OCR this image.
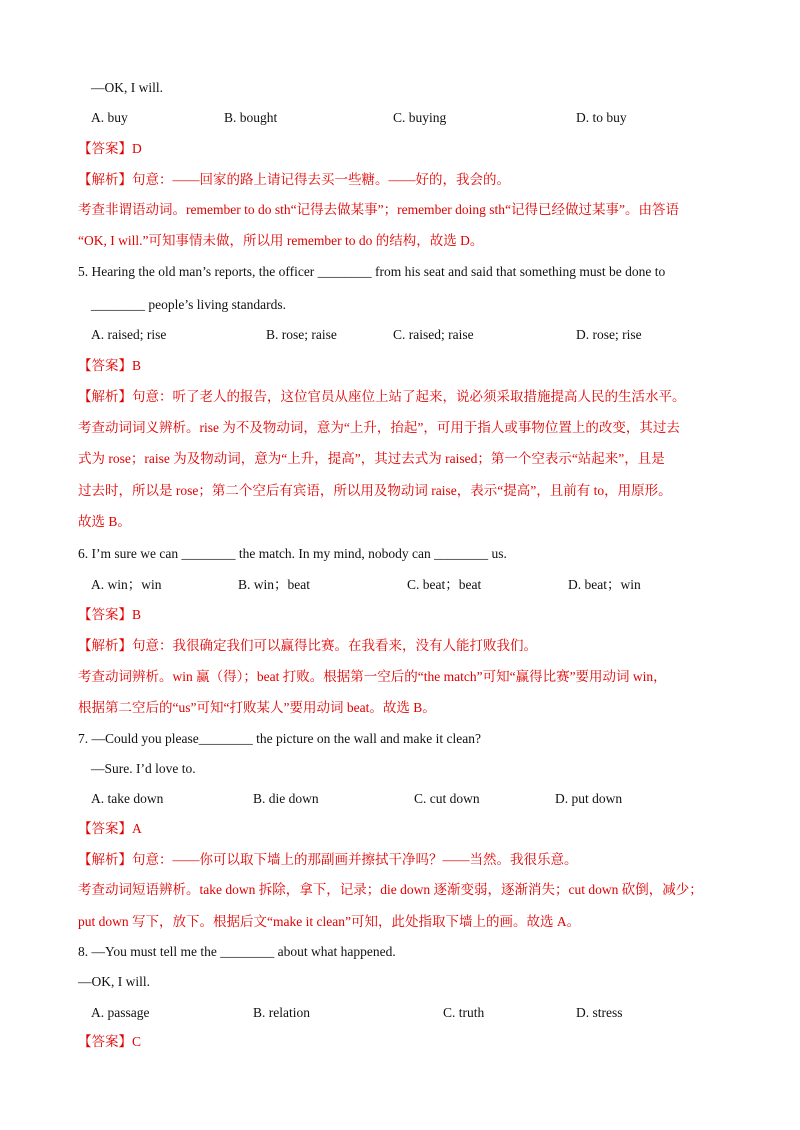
—OK, I will.
A. buy	B. bought	C. buying	D. to buy
【答案】D
【解析】句意：——回家的路上请记得去买一些糖。——好的，我会的。
考查非谓语动词。remember to do sth“记得去做某事”；remember doing sth“记得已经做过某事”。由答语
“OK, I will.”可知事情未做，所以用 remember to do 的结构，故选 D。
5. Hearing the old man’s reports, the officer ________ from his seat and said that something must be done to
________ people’s living standards.
A. raised; rise	B. rose; raise	C. raised; raise	D. rose; rise
【答案】B
【解析】句意：听了老人的报告，这位官员从座位上站了起来，说必须采取措施提高人民的生活水平。
考查动词词义辨析。rise 为不及物动词，意为“上升，抬起”，可用于指人或事物位置上的改变，其过去
式为 rose；raise 为及物动词，意为“上升，提高”，其过去式为 raised；第一个空表示“站起来”，且是
过去时，所以是 rose；第二个空后有宾语，所以用及物动词 raise，表示“提高”，且前有 to，用原形。
故选 B。
6. I’m sure we can ________ the match. In my mind, nobody can ________ us.
A. win；win	B. win；beat	C. beat；beat	D. beat；win
【答案】B
【解析】句意：我很确定我们可以赢得比赛。在我看来，没有人能打败我们。
考查动词辨析。win 赢（得）；beat 打败。根据第一空后的“the match”可知“赢得比赛”要用动词 win，
根据第二空后的“us”可知“打败某人”要用动词 beat。故选 B。
7. —Could you please________ the picture on the wall and make it clean?
—Sure. I’d love to.
A. take down	B. die down	C. cut down	D. put down
【答案】A
【解析】句意：——你可以取下墙上的那副画并擦拭干净吗？——当然。我很乐意。
考查动词短语辨析。take down 拆除，拿下，记录；die down 逐渐变弱，逐渐消失；cut down 砍倒，减少；
put down 写下，放下。根据后文“make it clean”可知，此处指取下墙上的画。故选 A。
8. —You must tell me the ________ about what happened.
—OK, I will.
A. passage	B. relation	C. truth	D. stress
【答案】C
